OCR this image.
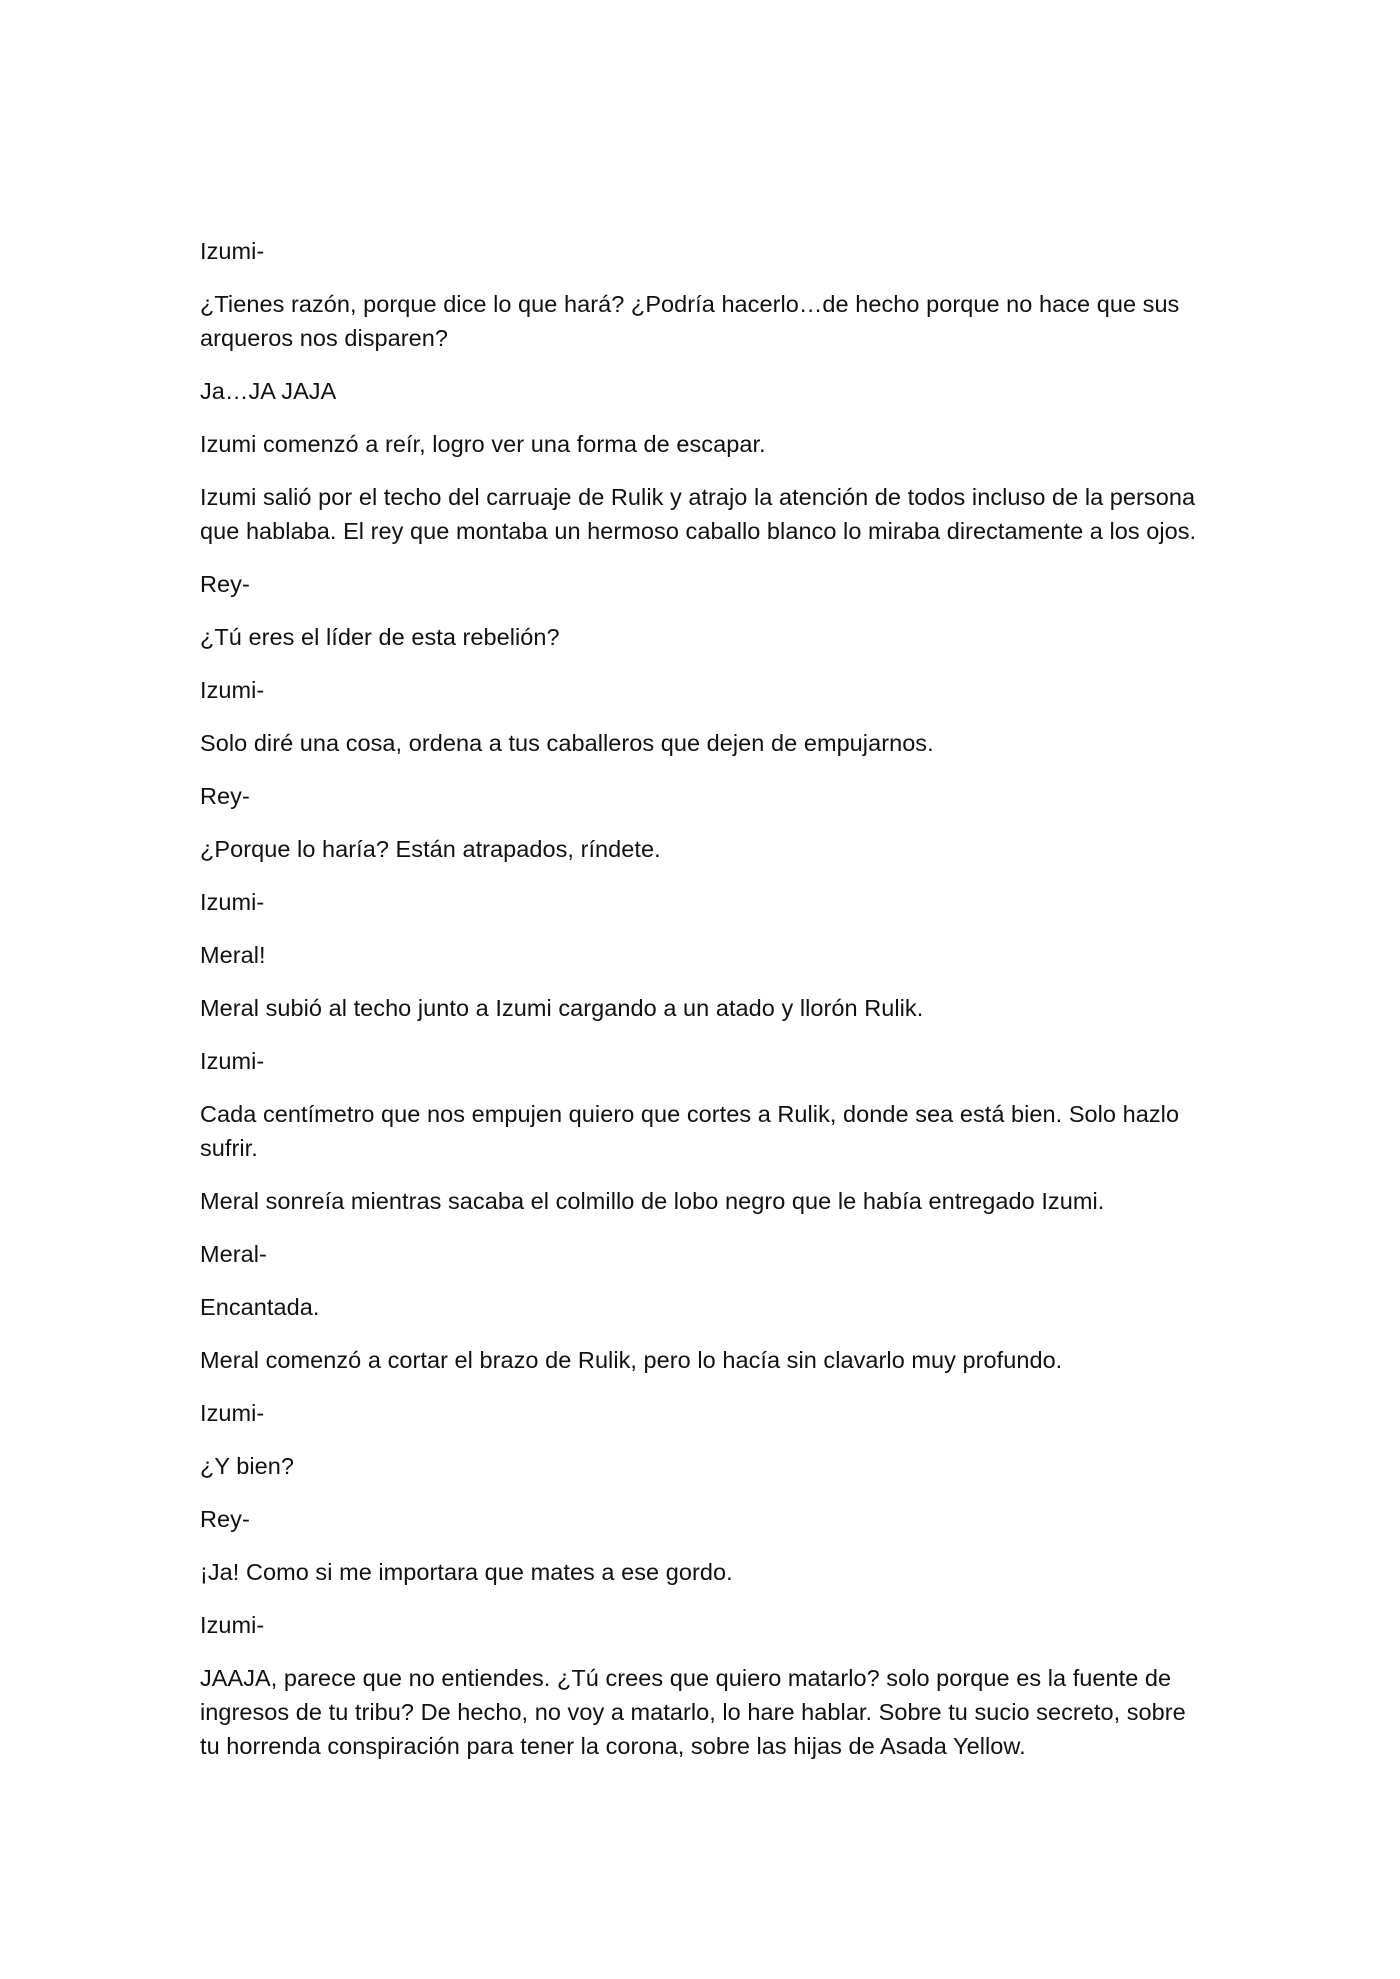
Izumi-

¿Tienes razón, porque dice lo que hará? ¿Podría hacerlo…de hecho porque no hace que sus arqueros nos disparen?

Ja…JA JAJA

Izumi comenzó a reír, logro ver una forma de escapar.

Izumi salió por el techo del carruaje de Rulik y atrajo la atención de todos incluso de la persona que hablaba. El rey que montaba un hermoso caballo blanco lo miraba directamente a los ojos.

Rey-

¿Tú eres el líder de esta rebelión?

Izumi-

Solo diré una cosa, ordena a tus caballeros que dejen de empujarnos.

Rey-

¿Porque lo haría? Están atrapados, ríndete.

Izumi-

Meral!

Meral subió al techo junto a Izumi cargando a un atado y llorón Rulik.

Izumi-

Cada centímetro que nos empujen quiero que cortes a Rulik, donde sea está bien. Solo hazlo sufrir.

Meral sonreía mientras sacaba el colmillo de lobo negro que le había entregado Izumi.

Meral-

Encantada.

Meral comenzó a cortar el brazo de Rulik, pero lo hacía sin clavarlo muy profundo.

Izumi-

¿Y bien?

Rey-

¡Ja! Como si me importara que mates a ese gordo.

Izumi-

JAAJA, parece que no entiendes. ¿Tú crees que quiero matarlo? solo porque es la fuente de ingresos de tu tribu? De hecho, no voy a matarlo, lo hare hablar. Sobre tu sucio secreto, sobre tu horrenda conspiración para tener la corona, sobre las hijas de Asada Yellow.
